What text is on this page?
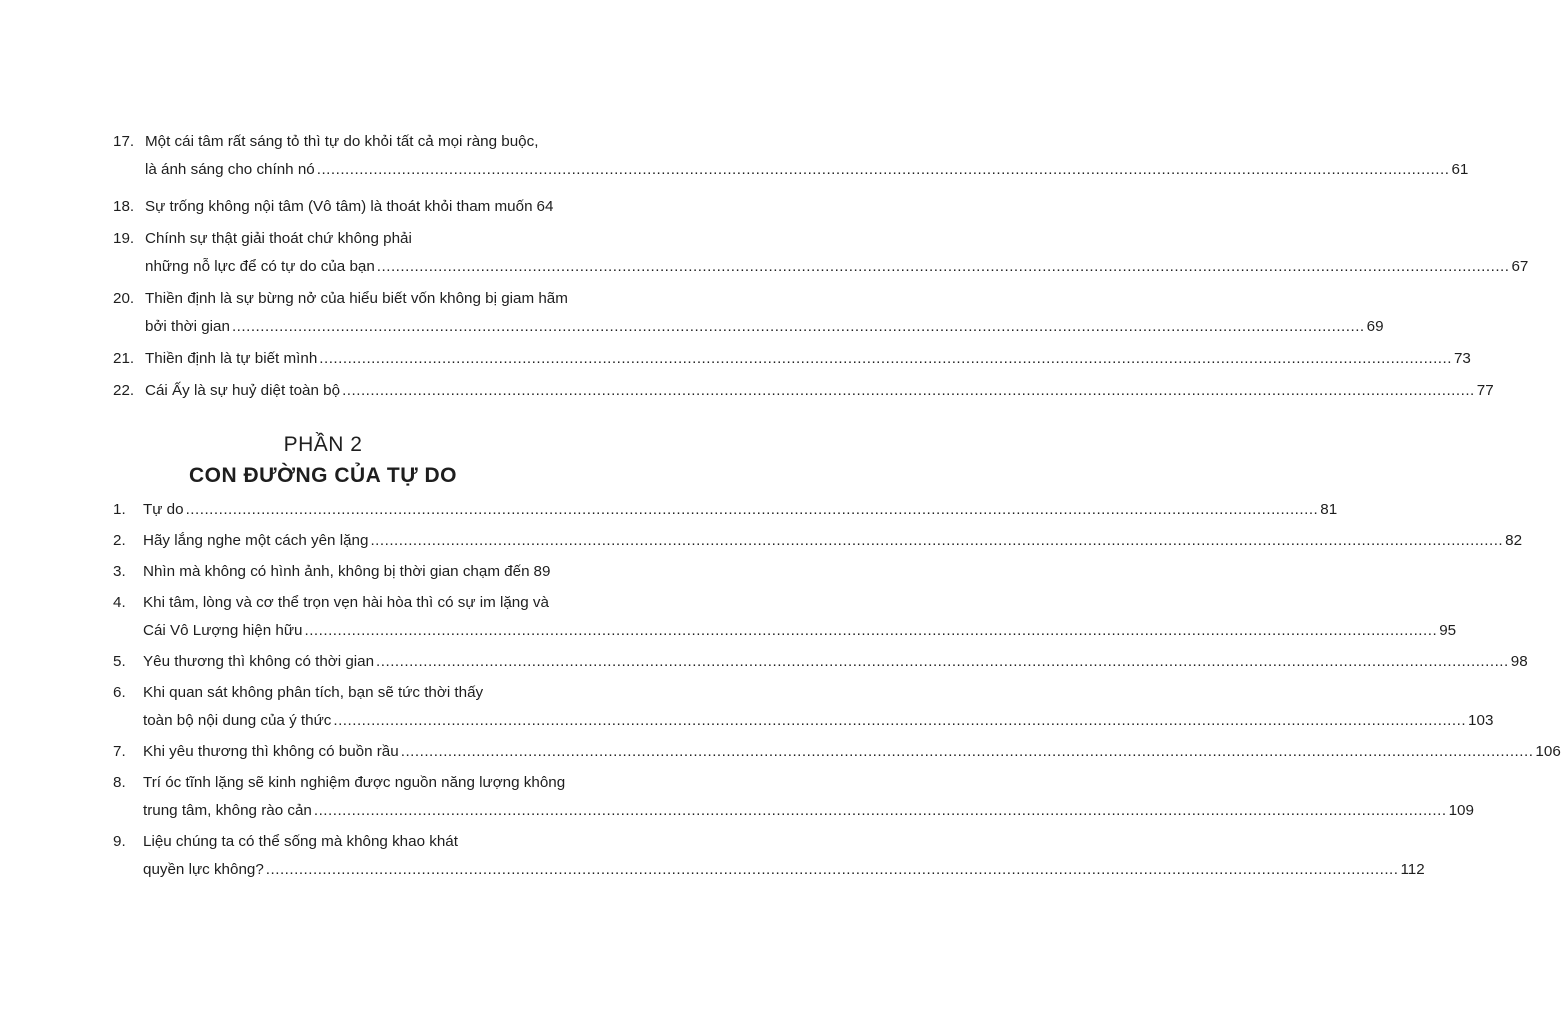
17. Một cái tâm rất sáng tỏ thì tự do khỏi tất cả mọi ràng buộc,
là ánh sáng cho chính nó .....	61
18. Sự trống không nội tâm (Vô tâm) là thoát khỏi tham muốn 64
19. Chính sự thật giải thoát chứ không phải
những nỗ lực để có tự do của bạn .....	67
20. Thiền định là sự bừng nở của hiểu biết vốn không bị giam hãm
bởi thời gian .....	69
21. Thiền định là tự biết mình .....	73
22. Cái Ấy là sự huỷ diệt toàn bộ .....	77
PHẦN 2
CON ĐƯỜNG CỦA TỰ DO
1. Tự do .....	81
2. Hãy lắng nghe một cách yên lặng .....	82
3. Nhìn mà không có hình ảnh, không bị thời gian chạm đến 89
4. Khi tâm, lòng và cơ thể trọn vẹn hài hòa thì có sự im lặng và
Cái Vô Lượng hiện hữu .....	95
5. Yêu thương thì không có thời gian .....	98
6. Khi quan sát không phân tích, bạn sẽ tức thời thấy
toàn bộ nội dung của ý thức .....	103
7. Khi yêu thương thì không có buồn rầu .....	106
8. Trí óc tĩnh lặng sẽ kinh nghiệm được nguồn năng lượng không
trung tâm, không rào cản .....	109
9. Liệu chúng ta có thể sống mà không khao khát
quyền lực không? .....	112
